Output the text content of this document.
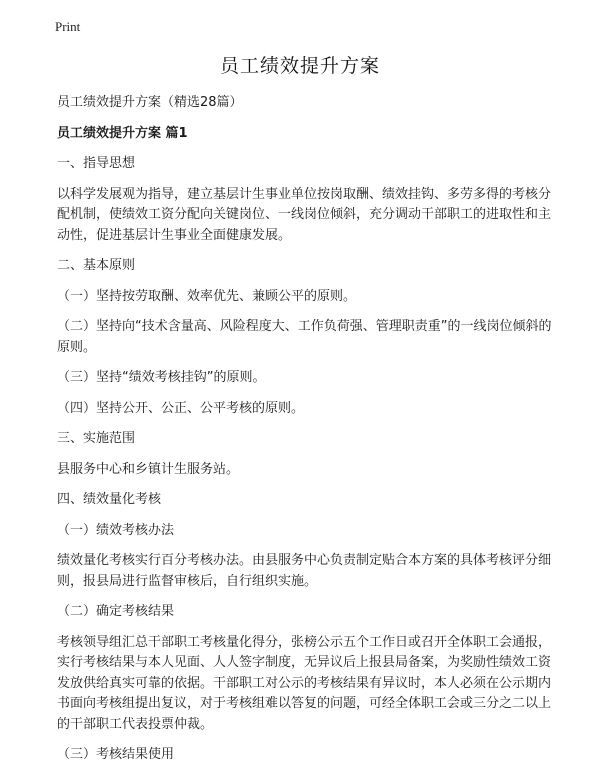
Print
员工绩效提升方案

员工绩效提升方案（精选28篇）

员工绩效提升方案 篇1

一、指导思想

以科学发展观为指导，建立基层计生事业单位按岗取酬、绩效挂钩、多劳多得的考核分配机制，使绩效工资分配向关键岗位、一线岗位倾斜，充分调动干部职工的进取性和主动性，促进基层计生事业全面健康发展。

二、基本原则

（一）坚持按劳取酬、效率优先、兼顾公平的原则。

（二）坚持向“技术含量高、风险程度大、工作负荷强、管理职责重”的一线岗位倾斜的原则。

（三）坚持“绩效考核挂钩”的原则。

（四）坚持公开、公正、公平考核的原则。

三、实施范围

县服务中心和乡镇计生服务站。

四、绩效量化考核

（一）绩效考核办法

绩效量化考核实行百分考核办法。由县服务中心负责制定贴合本方案的具体考核评分细则，报县局进行监督审核后，自行组织实施。

（二）确定考核结果

考核领导组汇总干部职工考核量化得分，张榜公示五个工作日或召开全体职工会通报，实行考核结果与本人见面、人人签字制度，无异议后上报县局备案，为奖励性绩效工资发放供给真实可靠的依据。干部职工对公示的考核结果有异议时，本人必须在公示期内书面向考核组提出复议，对于考核组难以答复的问题，可经全体职工会或三分之二以上的干部职工代表投票仲裁。

（三）考核结果使用
